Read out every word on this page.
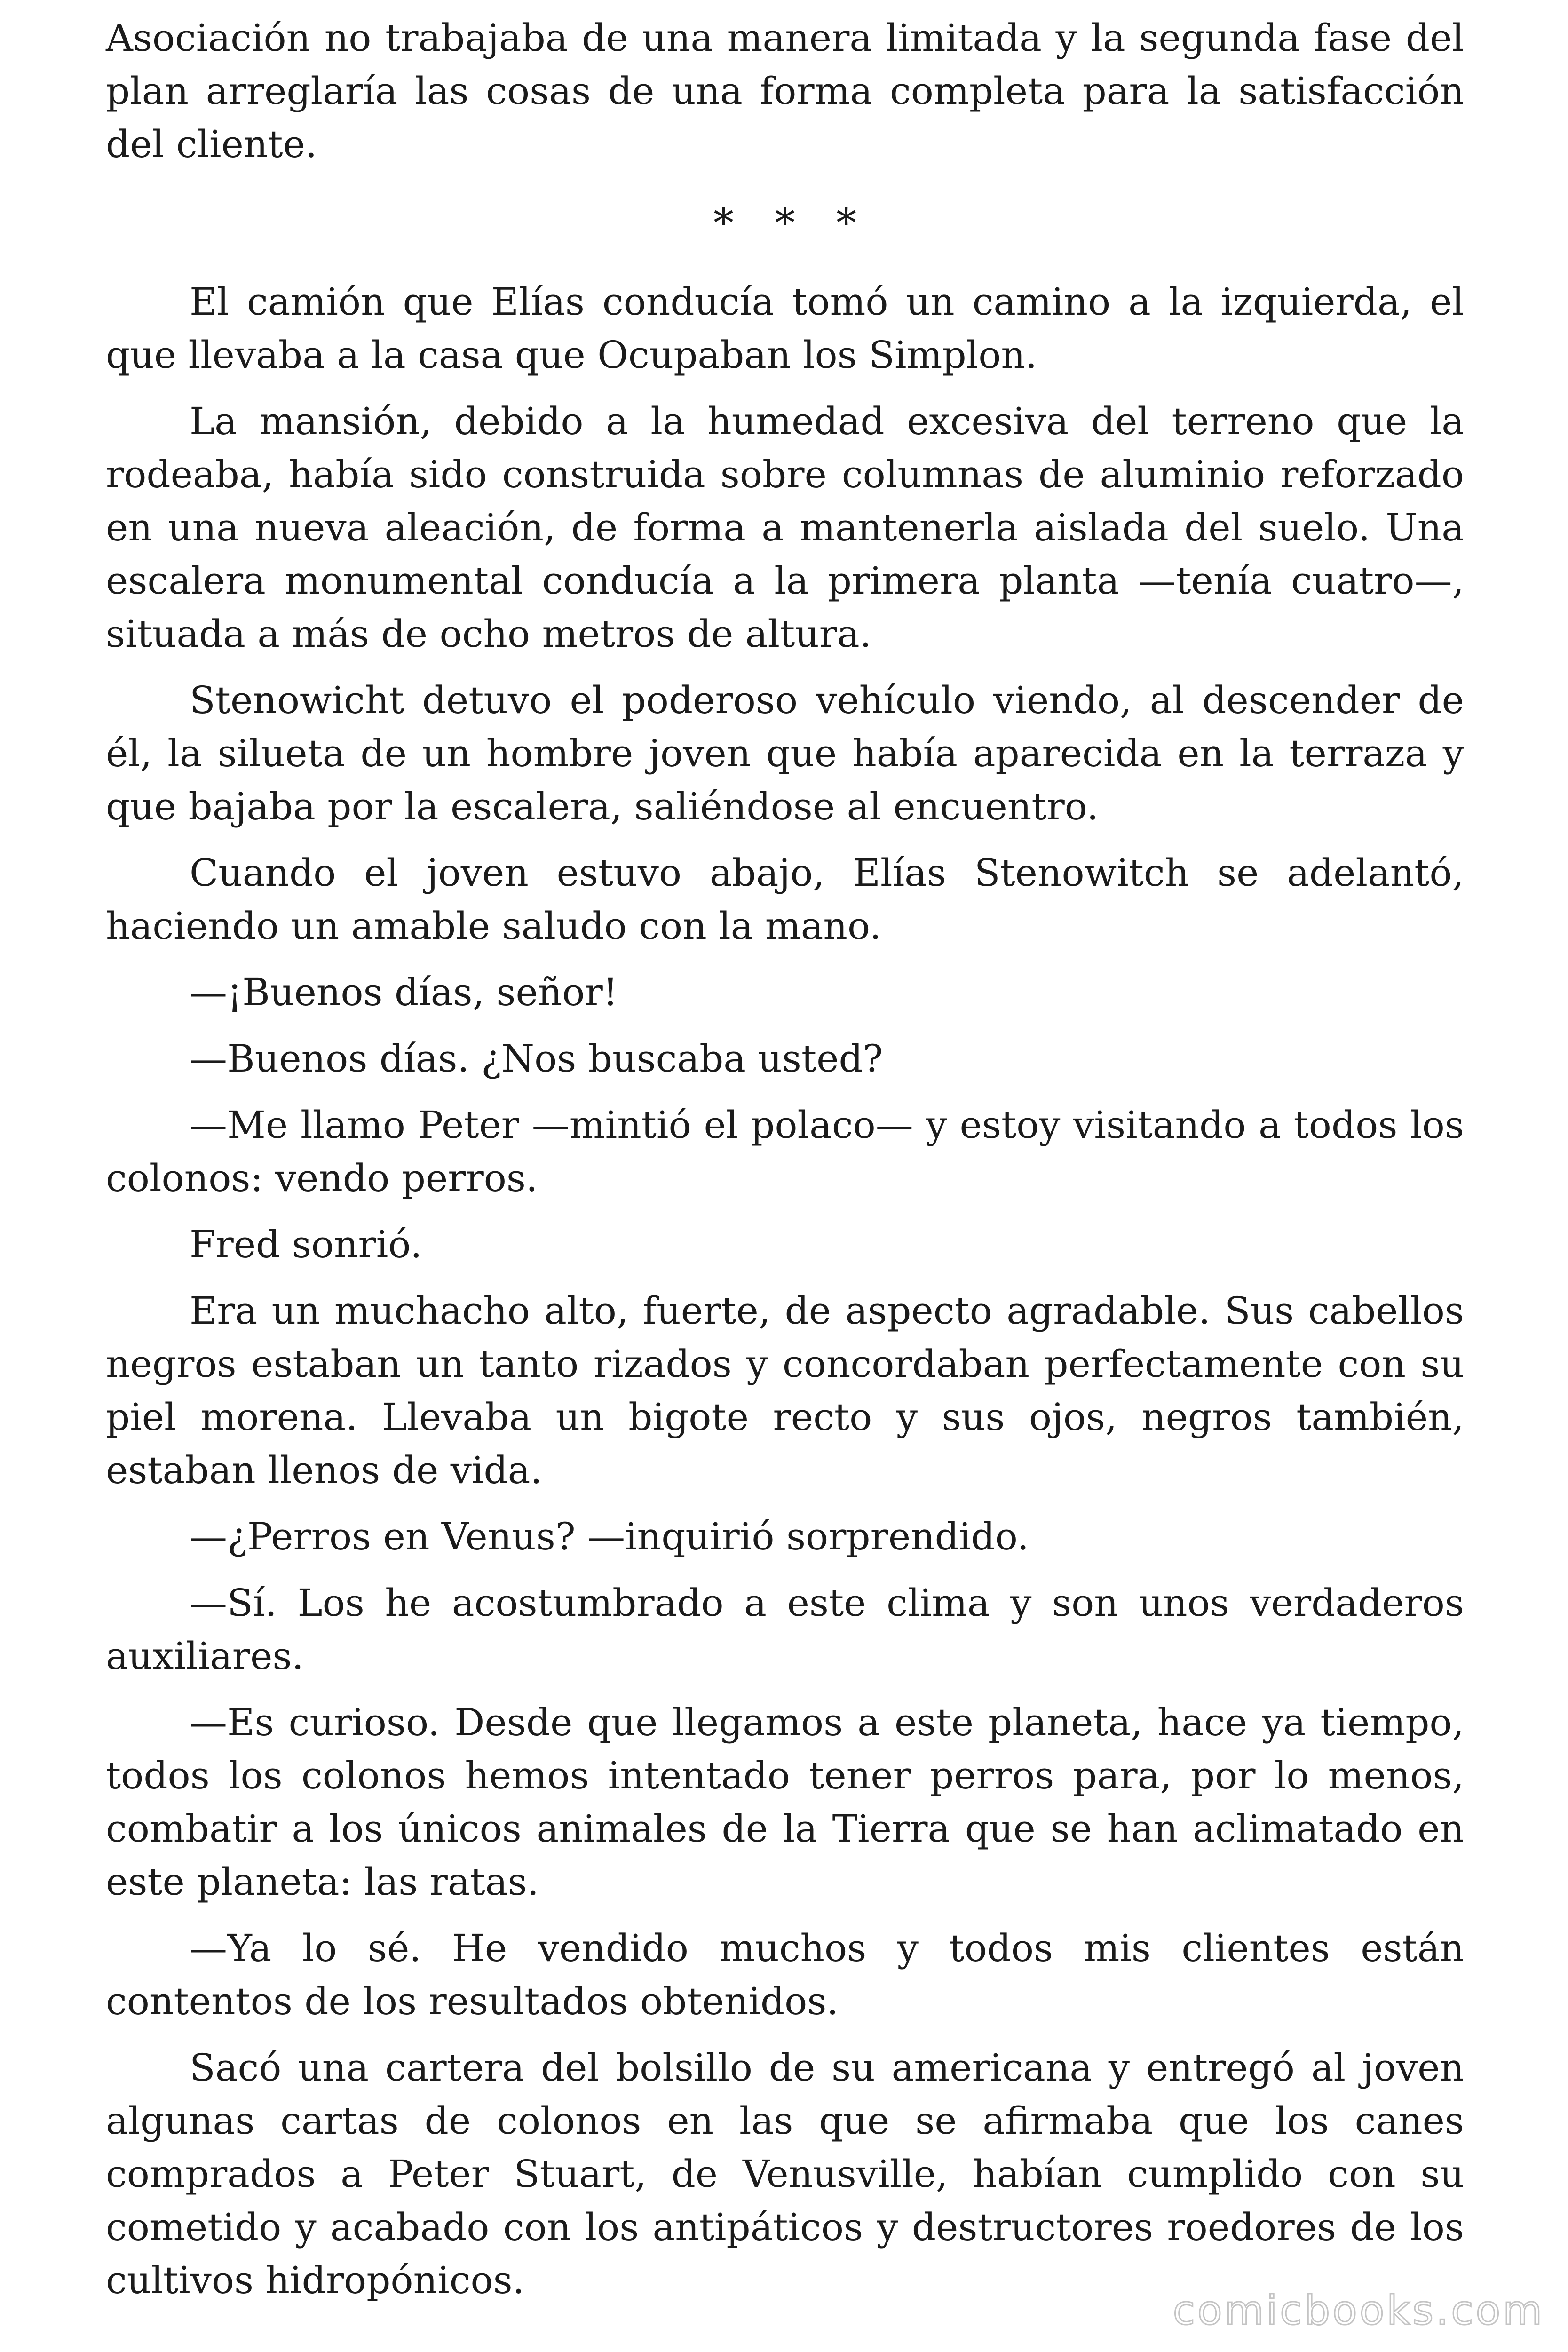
Asociación no trabajaba de una manera limitada y la segunda fase del plan arreglaría las cosas de una forma completa para la satisfacción del cliente.

* * *

El camión que Elías conducía tomó un camino a la izquierda, el que llevaba a la casa que Ocupaban los Simplon.

La mansión, debido a la humedad excesiva del terreno que la rodeaba, había sido construida sobre columnas de aluminio reforzado en una nueva aleación, de forma a mantenerla aislada del suelo. Una escalera monumental conducía a la primera planta —tenía cuatro—, situada a más de ocho metros de altura.

Stenowicht detuvo el poderoso vehículo viendo, al descender de él, la silueta de un hombre joven que había aparecida en la terraza y que bajaba por la escalera, saliéndose al encuentro.

Cuando el joven estuvo abajo, Elías Stenowitch se adelantó, haciendo un amable saludo con la mano.

—¡Buenos días, señor!

—Buenos días. ¿Nos buscaba usted?

—Me llamo Peter —mintió el polaco— y estoy visitando a todos los colonos: vendo perros.

Fred sonrió.

Era un muchacho alto, fuerte, de aspecto agradable. Sus cabellos negros estaban un tanto rizados y concordaban perfectamente con su piel morena. Llevaba un bigote recto y sus ojos, negros también, estaban llenos de vida.

—¿Perros en Venus? —inquirió sorprendido.

—Sí. Los he acostumbrado a este clima y son unos verdaderos auxiliares.

—Es curioso. Desde que llegamos a este planeta, hace ya tiempo, todos los colonos hemos intentado tener perros para, por lo menos, combatir a los únicos animales de la Tierra que se han aclimatado en este planeta: las ratas.

—Ya lo sé. He vendido muchos y todos mis clientes están contentos de los resultados obtenidos.

Sacó una cartera del bolsillo de su americana y entregó al joven algunas cartas de colonos en las que se afirmaba que los canes comprados a Peter Stuart, de Venusville, habían cumplido con su cometido y acabado con los antipáticos y destructores roedores de los cultivos hidropónicos.

comicbooks.com
